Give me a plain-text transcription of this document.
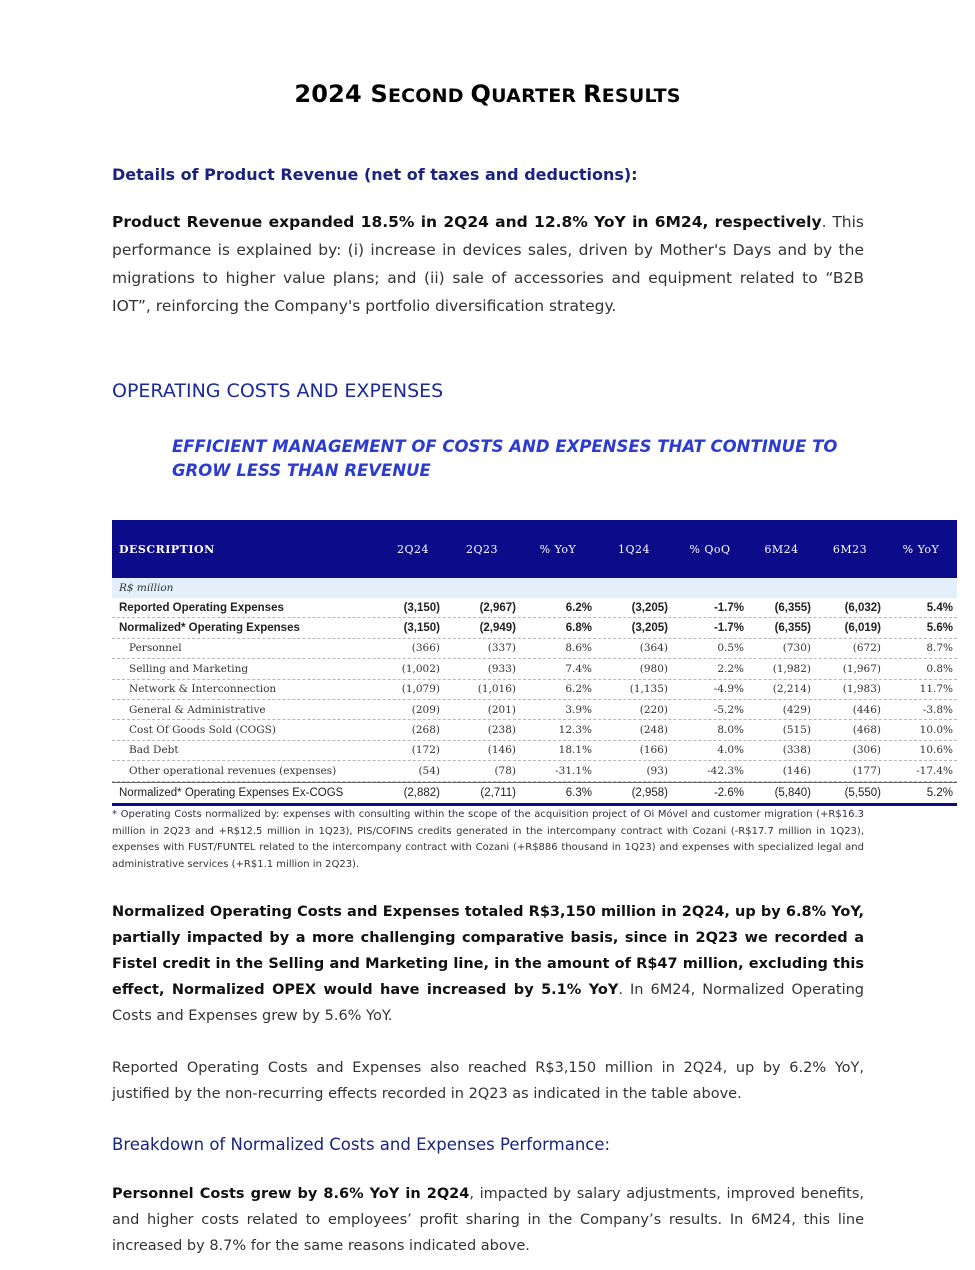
2024 SECOND QUARTER RESULTS
Details of Product Revenue (net of taxes and deductions):
Product Revenue expanded 18.5% in 2Q24 and 12.8% YoY in 6M24, respectively. This performance is explained by: (i) increase in devices sales, driven by Mother's Days and by the migrations to higher value plans; and (ii) sale of accessories and equipment related to “B2B IOT”, reinforcing the Company's portfolio diversification strategy.
OPERATING COSTS AND EXPENSES
EFFICIENT MANAGEMENT OF COSTS AND EXPENSES THAT CONTINUE TO GROW LESS THAN REVENUE
DESCRIPTION	2Q24	2Q23	% YoY	1Q24	% QoQ	6M24	6M23	% YoY
R$ million
Reported Operating Expenses	(3,150)	(2,967)	6.2%	(3,205)	-1.7%	(6,355)	(6,032)	5.4%
Normalized* Operating Expenses	(3,150)	(2,949)	6.8%	(3,205)	-1.7%	(6,355)	(6,019)	5.6%
Personnel	(366)	(337)	8.6%	(364)	0.5%	(730)	(672)	8.7%
Selling and Marketing	(1,002)	(933)	7.4%	(980)	2.2%	(1,982)	(1,967)	0.8%
Network & Interconnection	(1,079)	(1,016)	6.2%	(1,135)	-4.9%	(2,214)	(1,983)	11.7%
General & Administrative	(209)	(201)	3.9%	(220)	-5.2%	(429)	(446)	-3.8%
Cost Of Goods Sold (COGS)	(268)	(238)	12.3%	(248)	8.0%	(515)	(468)	10.0%
Bad Debt	(172)	(146)	18.1%	(166)	4.0%	(338)	(306)	10.6%
Other operational revenues (expenses)	(54)	(78)	-31.1%	(93)	-42.3%	(146)	(177)	-17.4%
Normalized* Operating Expenses Ex-COGS	(2,882)	(2,711)	6.3%	(2,958)	-2.6%	(5,840)	(5,550)	5.2%
* Operating Costs normalized by: expenses with consulting within the scope of the acquisition project of Oi Móvel and customer migration (+R$16.3 million in 2Q23 and +R$12.5 million in 1Q23), PIS/COFINS credits generated in the intercompany contract with Cozani (-R$17.7 million in 1Q23), expenses with FUST/FUNTEL related to the intercompany contract with Cozani (+R$886 thousand in 1Q23) and expenses with specialized legal and administrative services (+R$1.1 million in 2Q23).
Normalized Operating Costs and Expenses totaled R$3,150 million in 2Q24, up by 6.8% YoY, partially impacted by a more challenging comparative basis, since in 2Q23 we recorded a Fistel credit in the Selling and Marketing line, in the amount of R$47 million, excluding this effect, Normalized OPEX would have increased by 5.1% YoY. In 6M24, Normalized Operating Costs and Expenses grew by 5.6% YoY.
Reported Operating Costs and Expenses also reached R$3,150 million in 2Q24, up by 6.2% YoY, justified by the non-recurring effects recorded in 2Q23 as indicated in the table above.
Breakdown of Normalized Costs and Expenses Performance:
Personnel Costs grew by 8.6% YoY in 2Q24, impacted by salary adjustments, improved benefits, and higher costs related to employees’ profit sharing in the Company’s results. In 6M24, this line increased by 8.7% for the same reasons indicated above.
